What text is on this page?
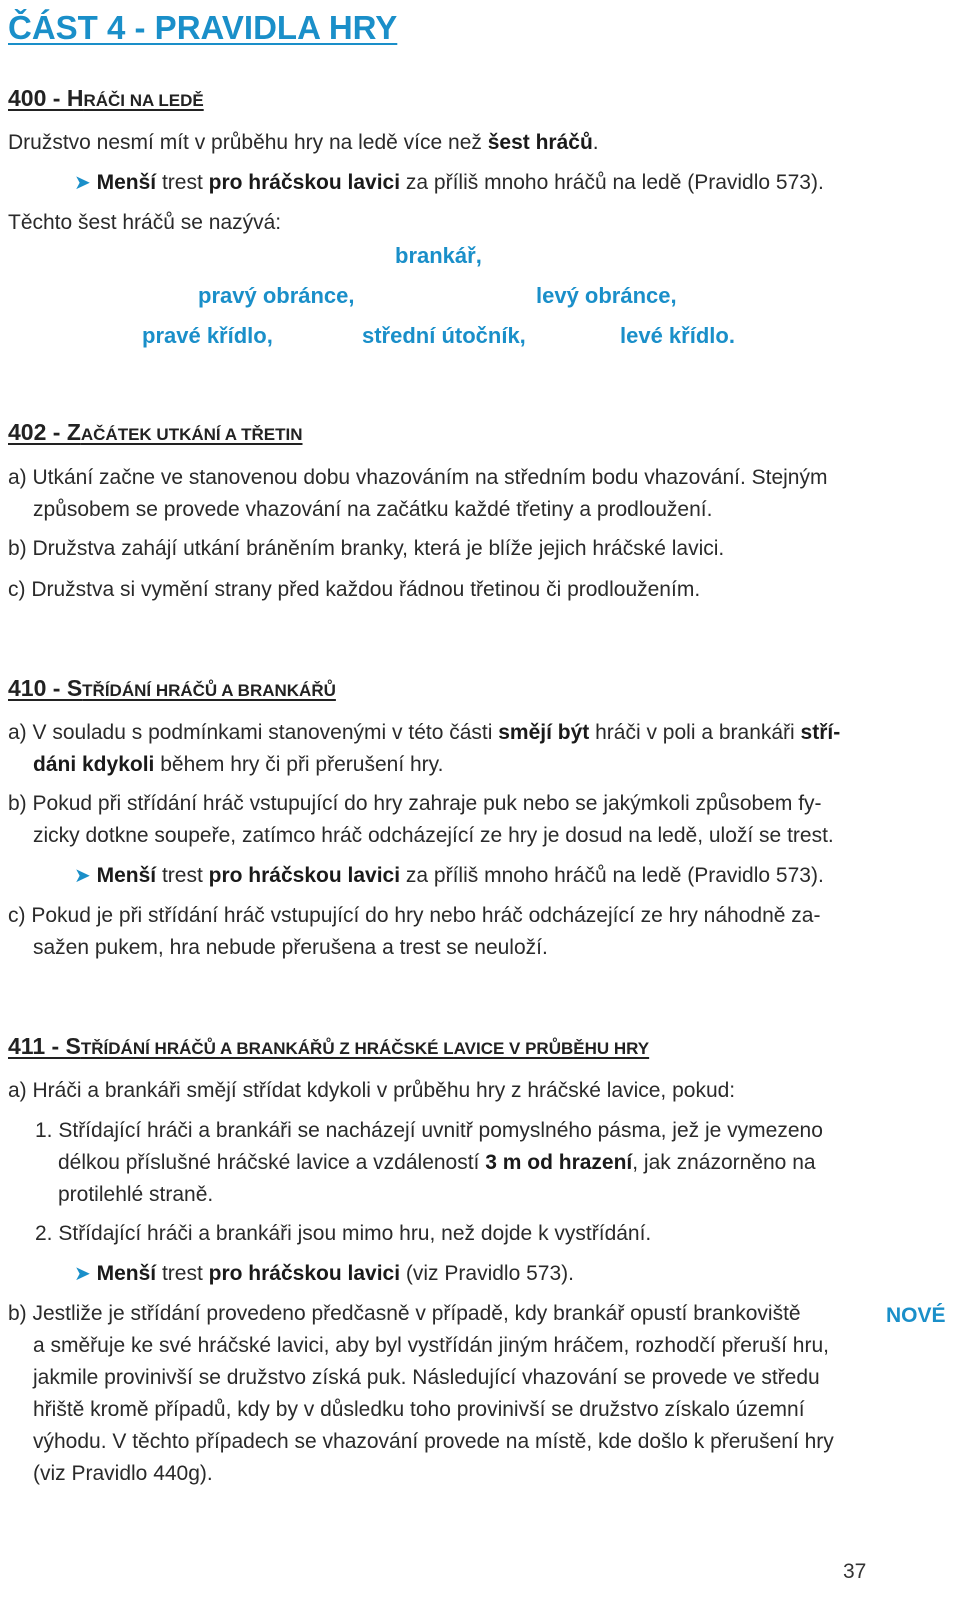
ČÁST 4 - PRAVIDLA HRY
400 - HRÁČI NA LEDĚ
Družstvo nesmí mít v průběhu hry na ledě více než šest hráčů.
➤ Menší trest pro hráčskou lavici za příliš mnoho hráčů na ledě (Pravidlo 573).
Těchto šest hráčů se nazývá:
brankář,
pravý obránce,	levý obránce,
pravé křídlo,	střední útočník,	levé křídlo.
402 - ZAČÁTEK UTKÁNÍ A TŘETIN
a) Utkání začne ve stanovenou dobu vhazováním na středním bodu vhazování. Stejným
způsobem se provede vhazování na začátku každé třetiny a prodloužení.
b) Družstva zahájí utkání bráněním branky, která je blíže jejich hráčské lavici.
c) Družstva si vymění strany před každou řádnou třetinou či prodloužením.
410 - STŘÍDÁNÍ HRÁČŮ A BRANKÁŘŮ
a) V souladu s podmínkami stanovenými v této části smějí být hráči v poli a brankáři stří-
dáni kdykoli během hry či při přerušení hry.
b) Pokud při střídání hráč vstupující do hry zahraje puk nebo se jakýmkoli způsobem fy-
zicky dotkne soupeře, zatímco hráč odcházející ze hry je dosud na ledě, uloží se trest.
➤ Menší trest pro hráčskou lavici za příliš mnoho hráčů na ledě (Pravidlo 573).
c) Pokud je při střídání hráč vstupující do hry nebo hráč odcházející ze hry náhodně za-
sažen pukem, hra nebude přerušena a trest se neuloží.
411 - STŘÍDÁNÍ HRÁČŮ A BRANKÁŘŮ Z HRÁČSKÉ LAVICE V PRŮBĚHU HRY
a) Hráči a brankáři smějí střídat kdykoli v průběhu hry z hráčské lavice, pokud:
1. Střídající hráči a brankáři se nacházejí uvnitř pomyslného pásma, jež je vymezeno
délkou příslušné hráčské lavice a vzdáleností 3 m od hrazení, jak znázorněno na
protilehlé straně.
2. Střídající hráči a brankáři jsou mimo hru, než dojde k vystřídání.
➤ Menší trest pro hráčskou lavici (viz Pravidlo 573).
b) Jestliže je střídání provedeno předčasně v případě, kdy brankář opustí brankoviště
a směřuje ke své hráčské lavici, aby byl vystřídán jiným hráčem, rozhodčí přeruší hru,
jakmile provinivší se družstvo získá puk. Následující vhazování se provede ve středu
hřiště kromě případů, kdy by v důsledku toho provinivší se družstvo získalo územní
výhodu. V těchto případech se vhazování provede na místě, kde došlo k přerušení hry
(viz Pravidlo 440g).
NOVÉ
37
